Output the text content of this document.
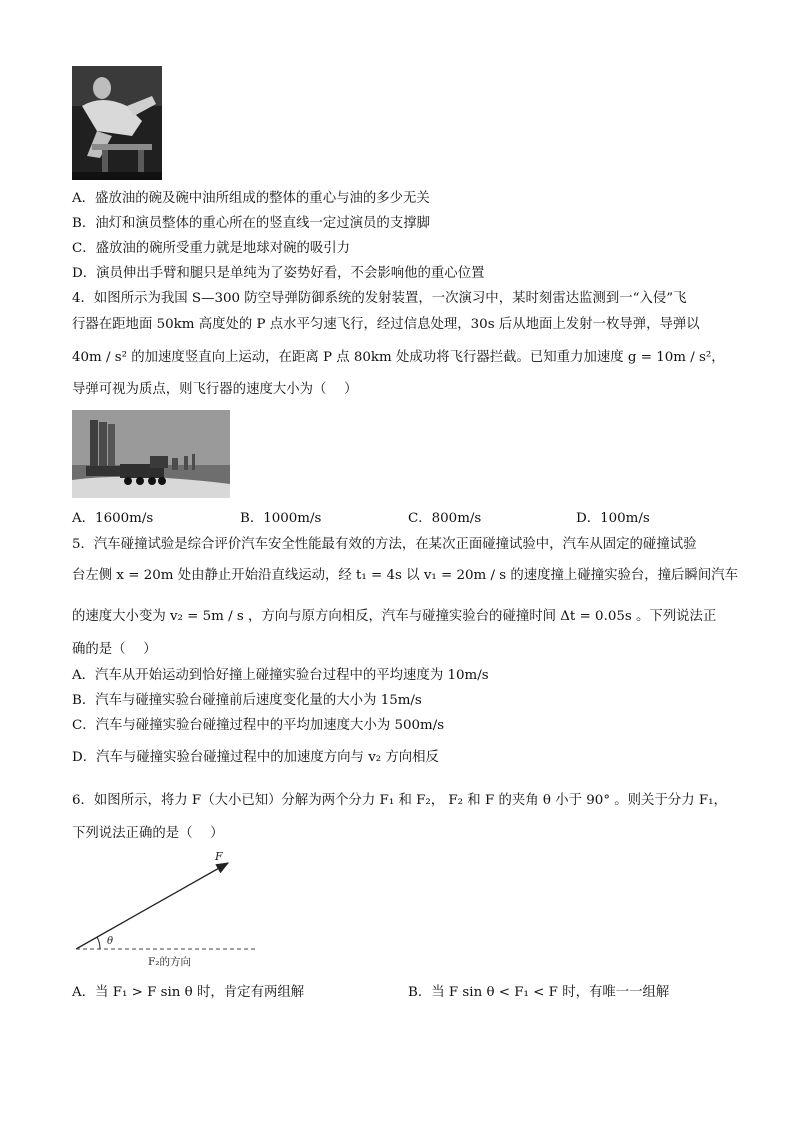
A．盛放油的碗及碗中油所组成的整体的重心与油的多少无关
B．油灯和演员整体的重心所在的竖直线一定过演员的支撑脚
C．盛放油的碗所受重力就是地球对碗的吸引力
D．演员伸出手臂和腿只是单纯为了姿势好看，不会影响他的重心位置
4．如图所示为我国 S—300 防空导弹防御系统的发射装置，一次演习中，某时刻雷达监测到一“入侵”飞
行器在距地面 50km 高度处的 P 点水平匀速飞行，经过信息处理，30s 后从地面上发射一枚导弹，导弹以
40m / s² 的加速度竖直向上运动，在距离 P 点 80km 处成功将飞行器拦截。已知重力加速度 g = 10m / s²，
导弹可视为质点，则飞行器的速度大小为（　 ）
A．1600m/s	B．1000m/s	C．800m/s	D．100m/s
5．汽车碰撞试验是综合评价汽车安全性能最有效的方法，在某次正面碰撞试验中，汽车从固定的碰撞试验
台左侧 x = 20m 处由静止开始沿直线运动，经 t₁ = 4s 以 v₁ = 20m / s 的速度撞上碰撞实验台，撞后瞬间汽车
的速度大小变为 v₂ = 5m / s ，方向与原方向相反，汽车与碰撞实验台的碰撞时间 Δt = 0.05s 。下列说法正
确的是（　 ）
A．汽车从开始运动到恰好撞上碰撞实验台过程中的平均速度为 10m/s
B．汽车与碰撞实验台碰撞前后速度变化量的大小为 15m/s
C．汽车与碰撞实验台碰撞过程中的平均加速度大小为 500m/s
D．汽车与碰撞实验台碰撞过程中的加速度方向与 v₂ 方向相反
6．如图所示，将力 F（大小已知）分解为两个分力 F₁ 和 F₂， F₂ 和 F 的夹角 θ 小于 90° 。则关于分力 F₁，
下列说法正确的是（　 ）
F
θ
F₂的方向
A．当 F₁ > F sin θ 时，肯定有两组解	B．当 F sin θ < F₁ < F 时，有唯一一组解
